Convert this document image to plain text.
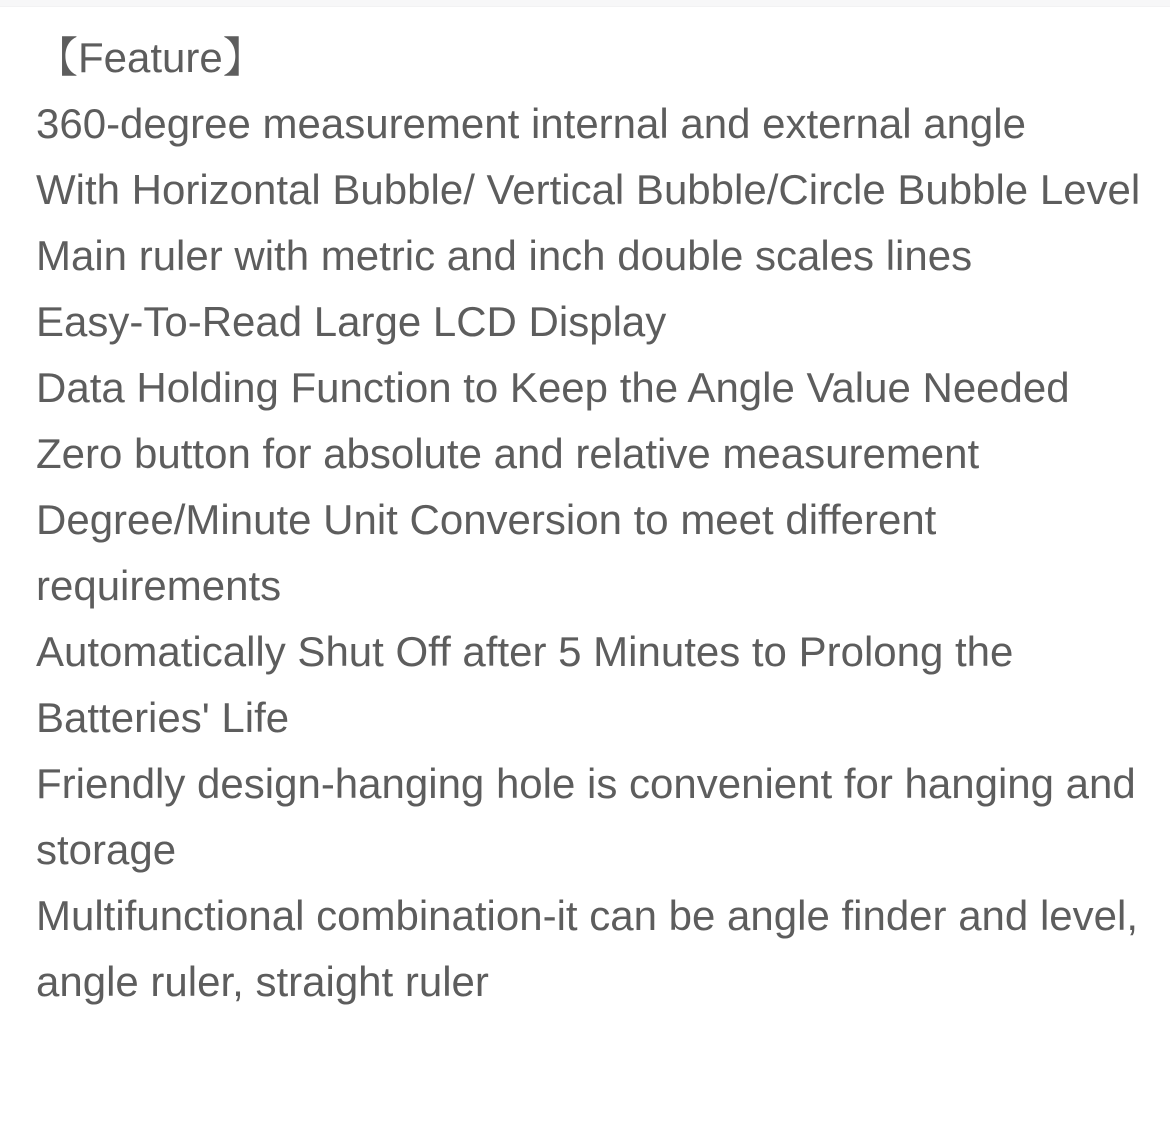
【Feature】

360-degree measurement internal and external angle

With Horizontal Bubble/ Vertical Bubble/Circle Bubble Level

Main ruler with metric and inch double scales lines

Easy-To-Read Large LCD Display

Data Holding Function to Keep the Angle Value Needed

Zero button for absolute and relative measurement

Degree/Minute Unit Conversion to meet different requirements

Automatically Shut Off after 5 Minutes to Prolong the Batteries' Life

Friendly design-hanging hole is convenient for hanging and storage

Multifunctional combination-it can be angle finder and level, angle ruler, straight ruler
